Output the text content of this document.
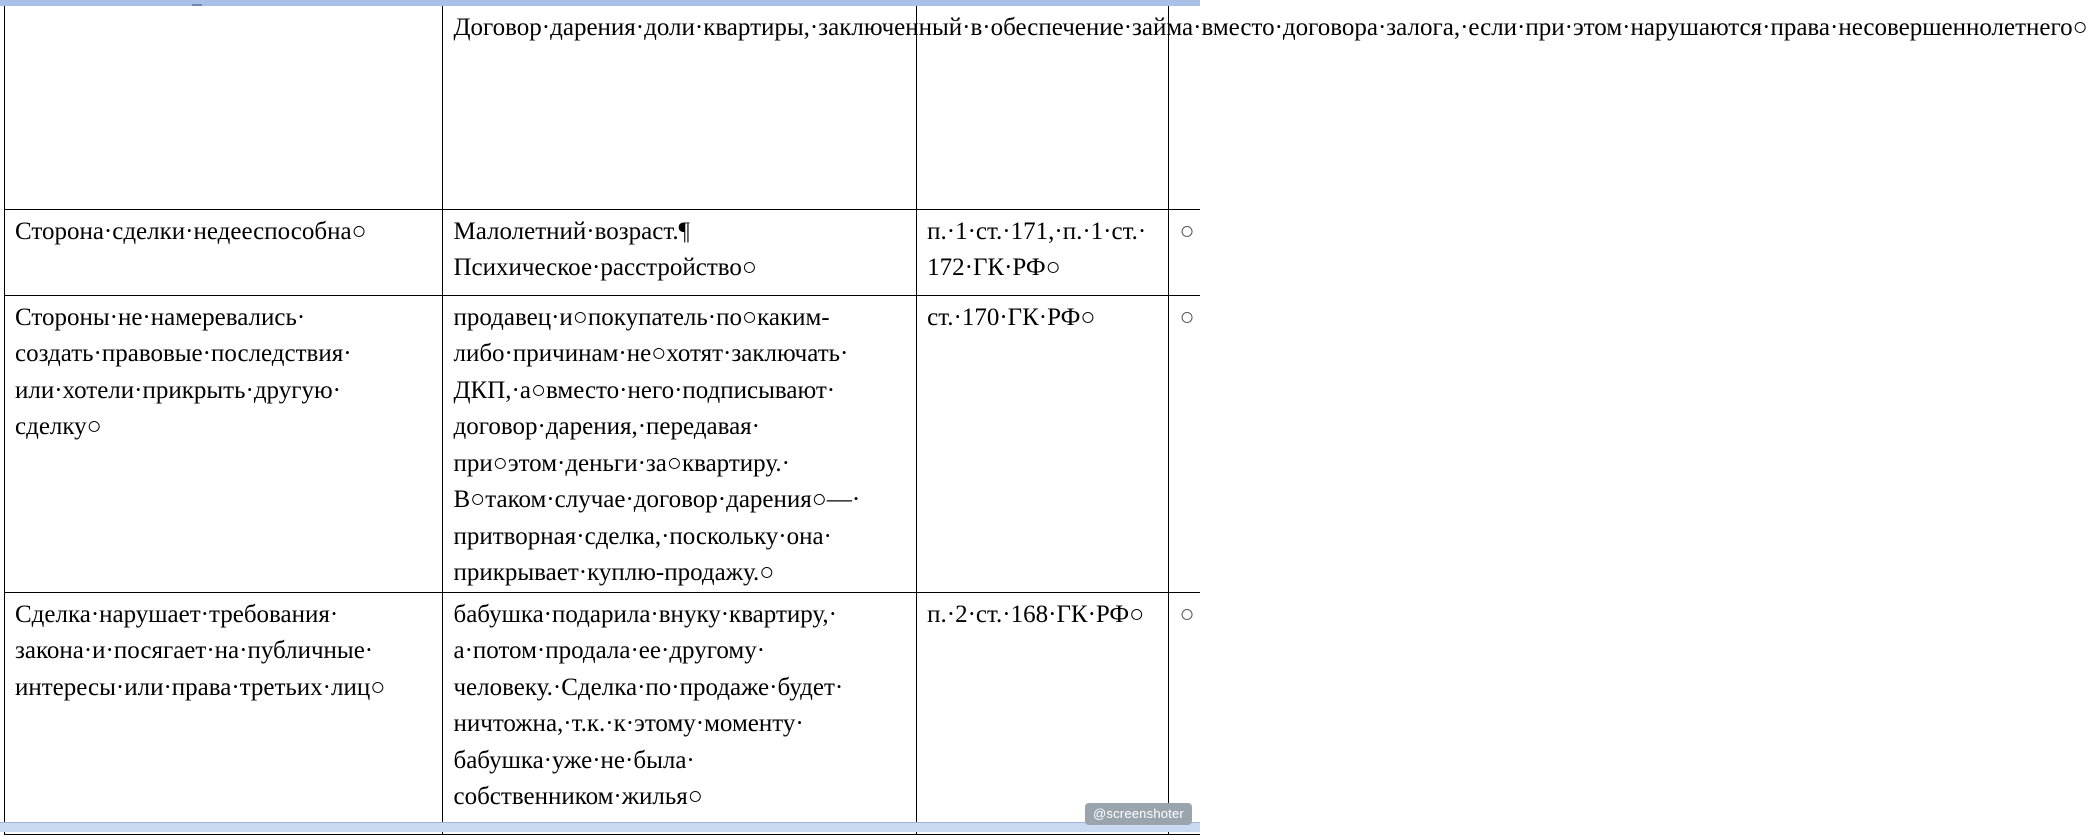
	Договор·дарения·доли·квартиры,·заключенный·в·обеспечение·займа·вместо·договора·залога,·если·при·этом·нарушаются·права·несовершеннолетнего○		
Сторона·сделки·недееспособна○	Малолетний·возраст.¶ Психическое·расстройство○	п.·1·ст.·171,·п.·1·ст.· 172·ГК·РФ○	○
Стороны·не·намеревались· создать·правовые·последствия· или·хотели·прикрыть·другую· сделку○	продавец·и○покупатель·по○каким-либо·причинам·не○хотят·заключать· ДКП,·а○вместо·него·подписывают· договор·дарения,·передавая· при○этом·деньги·за○квартиру.· В○таком·случае·договор·дарения○—· притворная·сделка,·поскольку·она· прикрывает·куплю-продажу.○	ст.·170·ГК·РФ○	○
Сделка·нарушает·требования· закона·и·посягает·на·публичные· интересы·или·права·третьих·лиц○	бабушка·подарила·внуку·квартиру,· а·потом·продала·ее·другому· человеку.·Сделка·по·продаже·будет· ничтожна,·т.к.·к·этому·моменту· бабушка·уже·не·была· собственником·жилья○	п.·2·ст.·168·ГК·РФ○	○
@screenshoter
